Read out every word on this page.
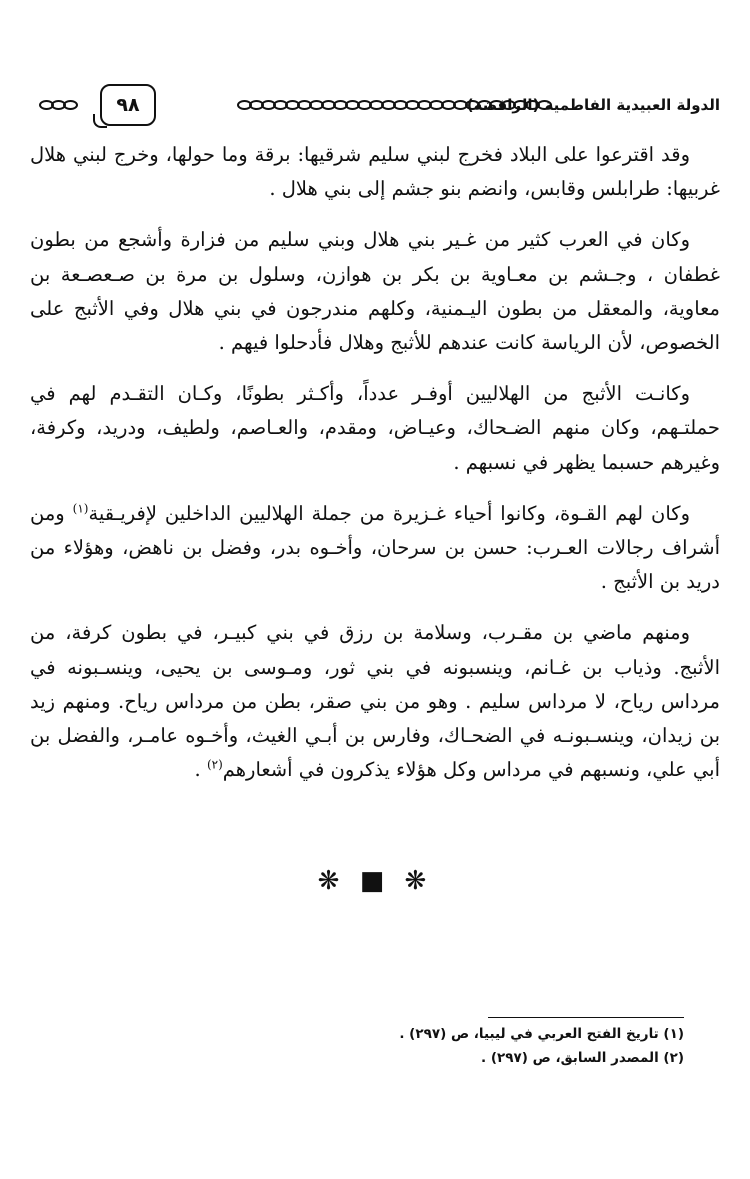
الدولة العبيدية الفاطمية (الرافضة)
٩٨

وقد اقترعوا على البلاد فخرج لبني سليم شرقيها: برقة وما حولها، وخرج لبني هلال غربيها: طرابلس وقابس، وانضم بنو جشم إلى بني هلال .

وكان في العرب كثير من غـير بني هلال وبني سليم من فزارة وأشجع من بطون غطفان ، وجـشم بن معـاوية بن بكر بن هوازن، وسلول بن مرة بن صـعصـعة بن معاوية، والمعقل من بطون اليـمنية، وكلهم مندرجون في بني هلال وفي الأثبج على الخصوص، لأن الرياسة كانت عندهم للأثبج وهلال فأدحلوا فيهم .

وكانـت الأثبج من الهلاليين أوفـر عدداً، وأكـثر بطونًا، وكـان التقـدم لهم في حملتـهم، وكان منهم الضـحاك، وعيـاض، ومقدم، والعـاصم، ولطيف، ودريد، وكرفة، وغيرهم حسبما يظهر في نسبهم .

وكان لهم القـوة، وكانوا أحياء غـزيرة من جملة الهلاليين الداخلين لإفريـقية$^{(١)}$ ومن أشراف رجالات العـرب: حسن بن سرحان، وأخـوه بدر، وفضل بن ناهض، وهؤلاء من دريد بن الأثبج .

ومنهم ماضي بن مقـرب، وسلامة بن رزق في بني كبيـر، في بطون كرفة، من الأثبج. وذياب بن غـانم، وينسبونه في بني ثور، ومـوسى بن يحيى، وينسـبونه في مرداس رياح، لا مرداس سليم . وهو من بني صقر، بطن من مرداس رياح. ومنهم زيد بن زيدان، وينسـبونـه في الضحـاك، وفارس بن أبـي الغيث، وأخـوه عامـر، والفضل بن أبي علي، ونسبهم في مرداس وكل هؤلاء يذكرون في أشعارهم$^{(٢)}$ .

❋ ■ ❋
(١) تاريخ الفتح العربي في ليبيا، ص (٢٩٧) .
(٢) المصدر السابق، ص (٢٩٧) .
